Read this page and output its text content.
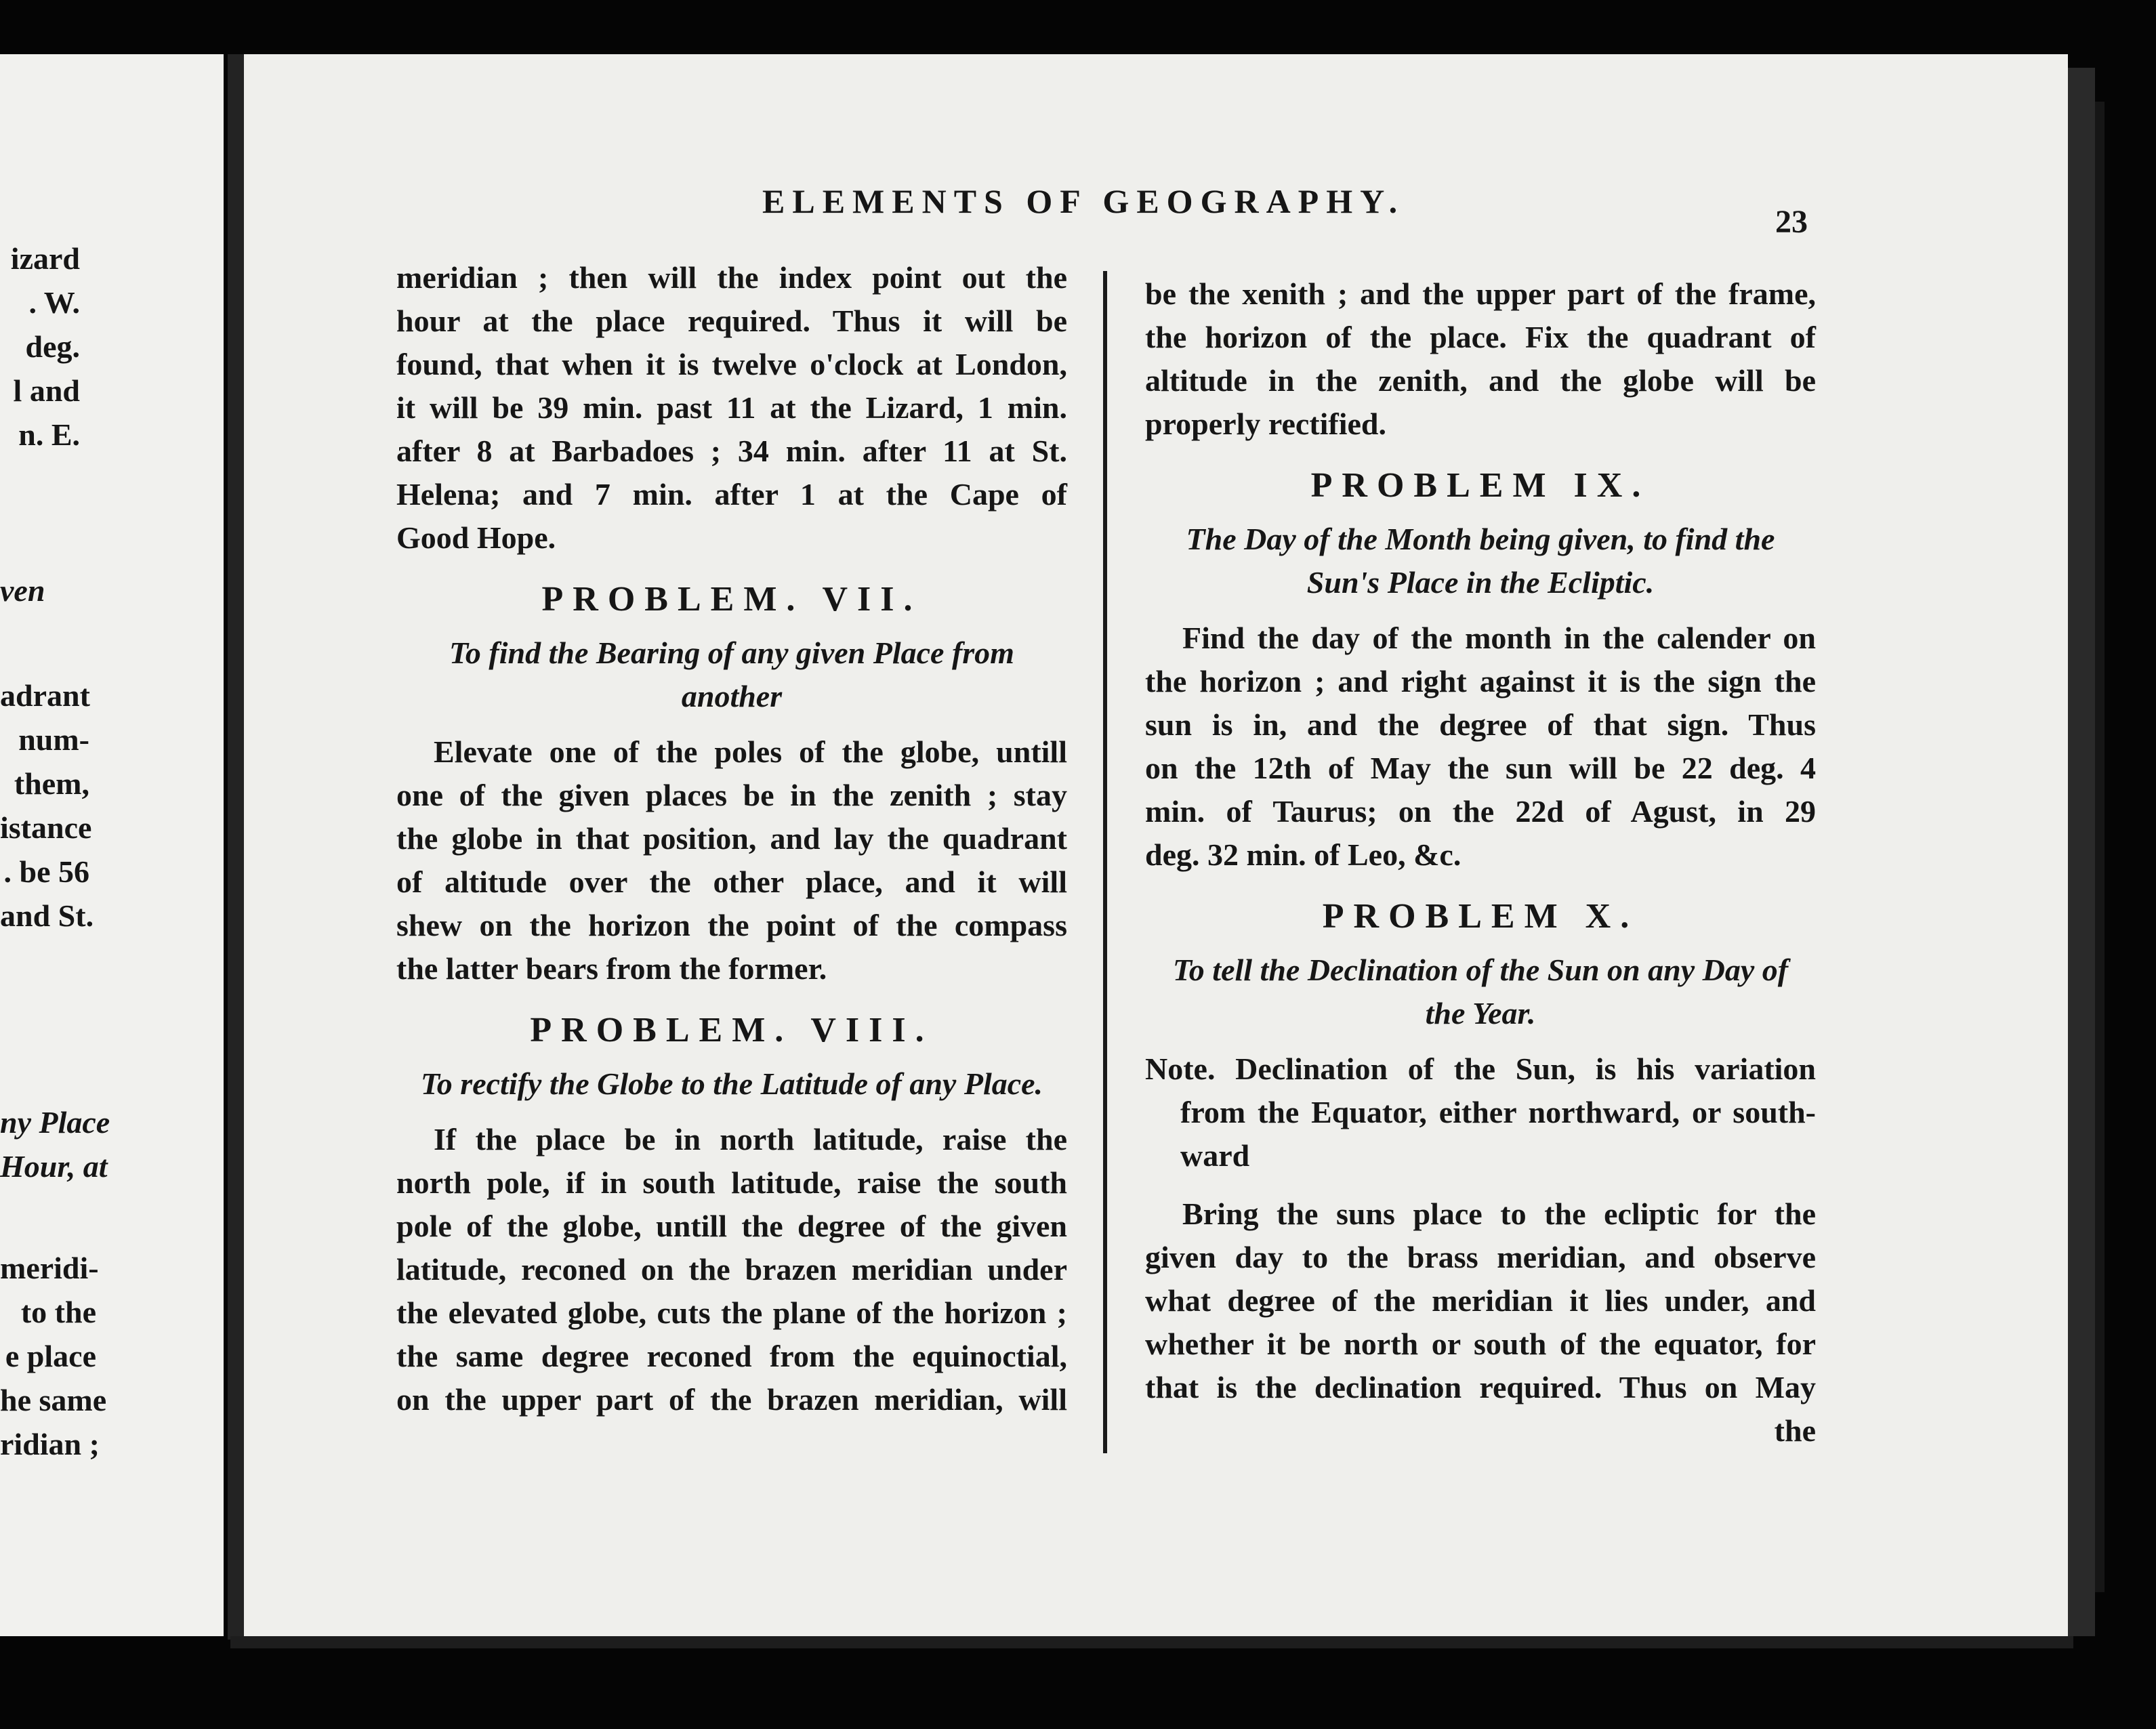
izard
. W.
deg.
l and
n. E.
ven
adrant
num-
them,
istance
. be 56
and St.
ny Place
Hour, at
meridi-
to the
e place
he same
ridian ;
ELEMENTS OF GEOGRAPHY.
23

meridian ; then will the index point out the

hour at the place required. Thus it will be

found, that when it is twelve o'clock at London,

it will be 39 min. past 11 at the Lizard, 1 min.

after 8 at Barbadoes ; 34 min. after 11 at St.

Helena; and 7 min. after 1 at the Cape of

Good Hope.

PROBLEM. VII.
To find the Bearing of any given Place from another

Elevate one of the poles of the globe, untill

one of the given places be in the zenith ; stay

the globe in that position, and lay the quadrant

of altitude over the other place, and it will

shew on the horizon the point of the compass

the latter bears from the former.

PROBLEM. VIII.
To rectify the Globe to the Latitude of any Place.

If the place be in north latitude, raise the

north pole, if in south latitude, raise the south

pole of the globe, untill the degree of the given

latitude, reconed on the brazen meridian under

the elevated globe, cuts the plane of the horizon ;

the same degree reconed from the equinoctial,

on the upper part of the brazen meridian, will

be the xenith ; and the upper part of the frame,

the horizon of the place. Fix the quadrant of

altitude in the zenith, and the globe will be

properly rectified.

PROBLEM IX.
The Day of the Month being given, to find the
Sun's Place in the Ecliptic.

Find the day of the month in the calender on

the horizon ; and right against it is the sign the

sun is in, and the degree of that sign. Thus

on the 12th of May the sun will be 22 deg. 4

min. of Taurus; on the 22d of Agust, in 29

deg. 32 min. of Leo, &c.

PROBLEM X.
To tell the Declination of the Sun on any Day of
the Year.

Note. Declination of the Sun, is his variation

from the Equator, either northward, or south-

ward

Bring the suns place to the ecliptic for the

given day to the brass meridian, and observe

what degree of the meridian it lies under, and

whether it be north or south of the equator, for

that is the declination required. Thus on May

the
